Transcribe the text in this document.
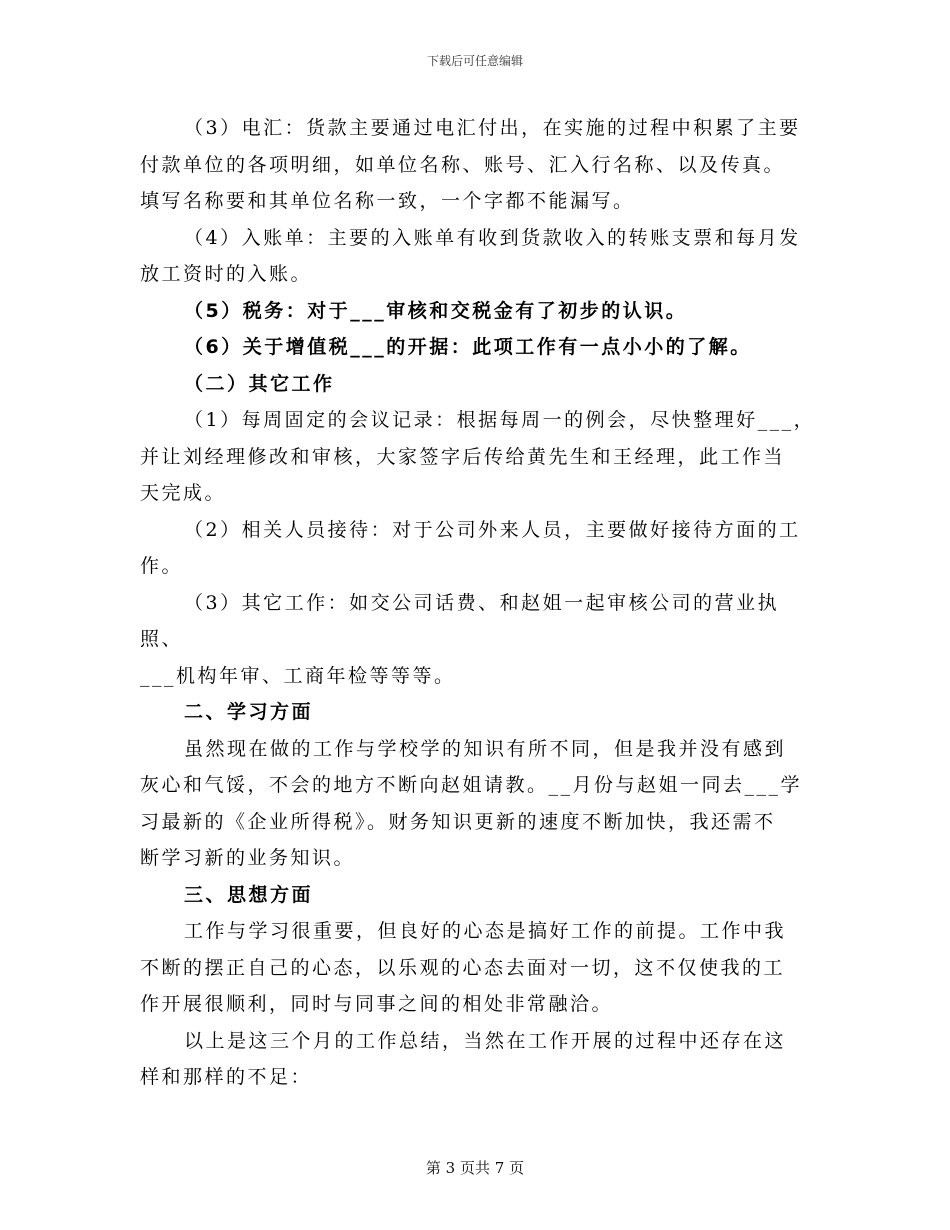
下载后可任意编辑
（3）电汇：货款主要通过电汇付出，在实施的过程中积累了主要
付款单位的各项明细，如单位名称、账号、汇入行名称、以及传真。
填写名称要和其单位名称一致，一个字都不能漏写。
（4）入账单：主要的入账单有收到货款收入的转账支票和每月发
放工资时的入账。
（5）税务：对于___审核和交税金有了初步的认识。
（6）关于增值税___的开据：此项工作有一点小小的了解。
（二）其它工作
（1）每周固定的会议记录：根据每周一的例会，尽快整理好___，
并让刘经理修改和审核，大家签字后传给黄先生和王经理，此工作当
天完成。
（2）相关人员接待：对于公司外来人员，主要做好接待方面的工
作。
（3）其它工作：如交公司话费、和赵姐一起审核公司的营业执照、
___机构年审、工商年检等等等。
二、学习方面
虽然现在做的工作与学校学的知识有所不同，但是我并没有感到
灰心和气馁，不会的地方不断向赵姐请教。__月份与赵姐一同去___学
习最新的《企业所得税》。财务知识更新的速度不断加快，我还需不
断学习新的业务知识。
三、思想方面
工作与学习很重要，但良好的心态是搞好工作的前提。工作中我
不断的摆正自己的心态，以乐观的心态去面对一切，这不仅使我的工
作开展很顺利，同时与同事之间的相处非常融洽。
以上是这三个月的工作总结，当然在工作开展的过程中还存在这
样和那样的不足：
第 3 页共 7 页
